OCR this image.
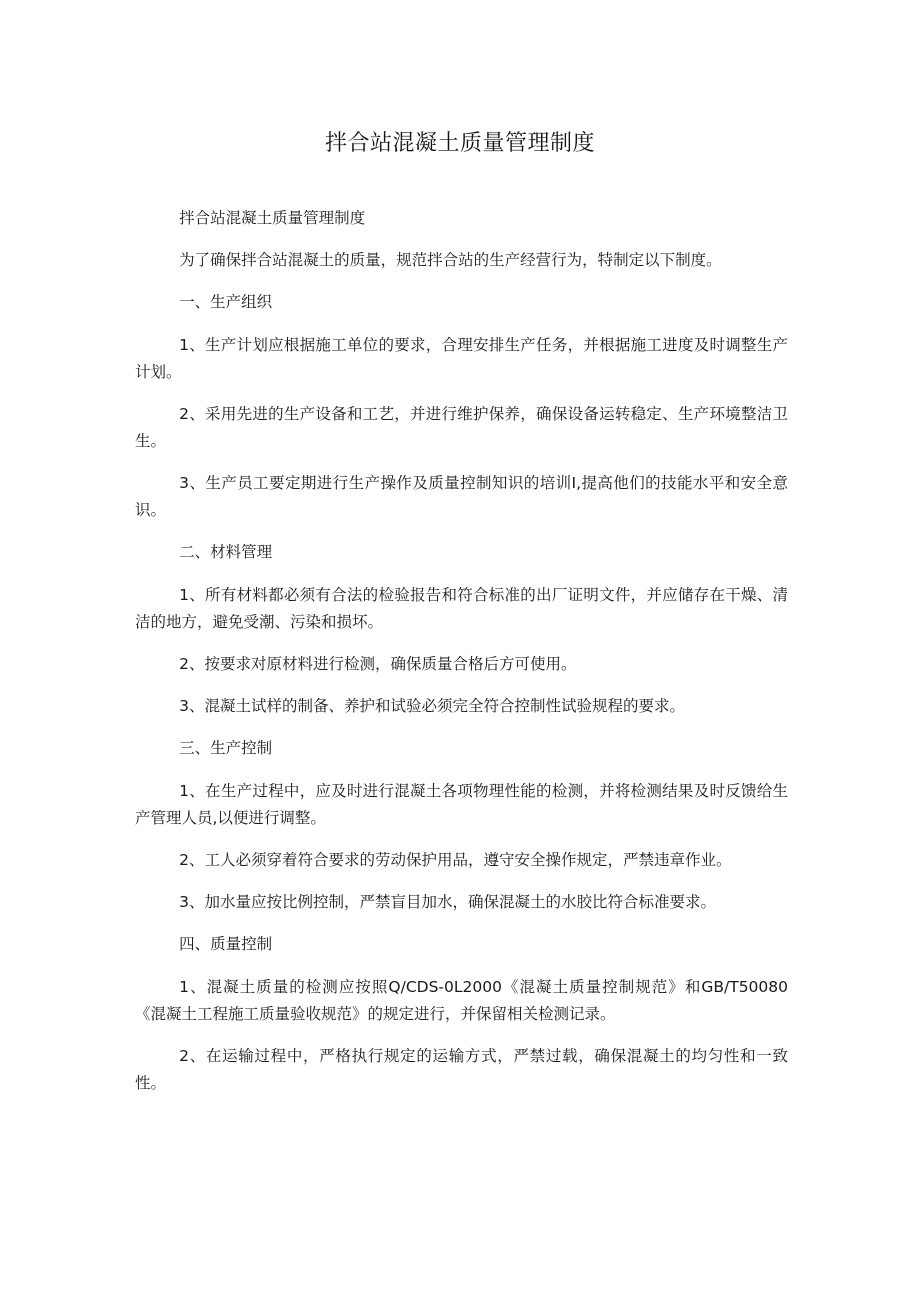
拌合站混凝土质量管理制度

拌合站混凝土质量管理制度

为了确保拌合站混凝土的质量，规范拌合站的生产经营行为，特制定以下制度。

一、生产组织

1、生产计划应根据施工单位的要求，合理安排生产任务，并根据施工进度及时调整生产计划。

2、采用先进的生产设备和工艺，并进行维护保养，确保设备运转稳定、生产环境整洁卫生。

3、生产员工要定期进行生产操作及质量控制知识的培训I,提高他们的技能水平和安全意识。

二、材料管理

1、所有材料都必须有合法的检验报告和符合标准的出厂证明文件，并应储存在干燥、清洁的地方，避免受潮、污染和损坏。

2、按要求对原材料进行检测，确保质量合格后方可使用。

3、混凝土试样的制备、养护和试验必须完全符合控制性试验规程的要求。

三、生产控制

1、在生产过程中，应及时进行混凝土各项物理性能的检测，并将检测结果及时反馈给生产管理人员,以便进行调整。

2、工人必须穿着符合要求的劳动保护用品，遵守安全操作规定，严禁违章作业。

3、加水量应按比例控制，严禁盲目加水，确保混凝土的水胶比符合标准要求。

四、质量控制

1、混凝土质量的检测应按照Q/CDS-0L2000《混凝土质量控制规范》和GB/T50080《混凝土工程施工质量验收规范》的规定进行，并保留相关检测记录。

2、在运输过程中，严格执行规定的运输方式，严禁过载，确保混凝土的均匀性和一致性。
